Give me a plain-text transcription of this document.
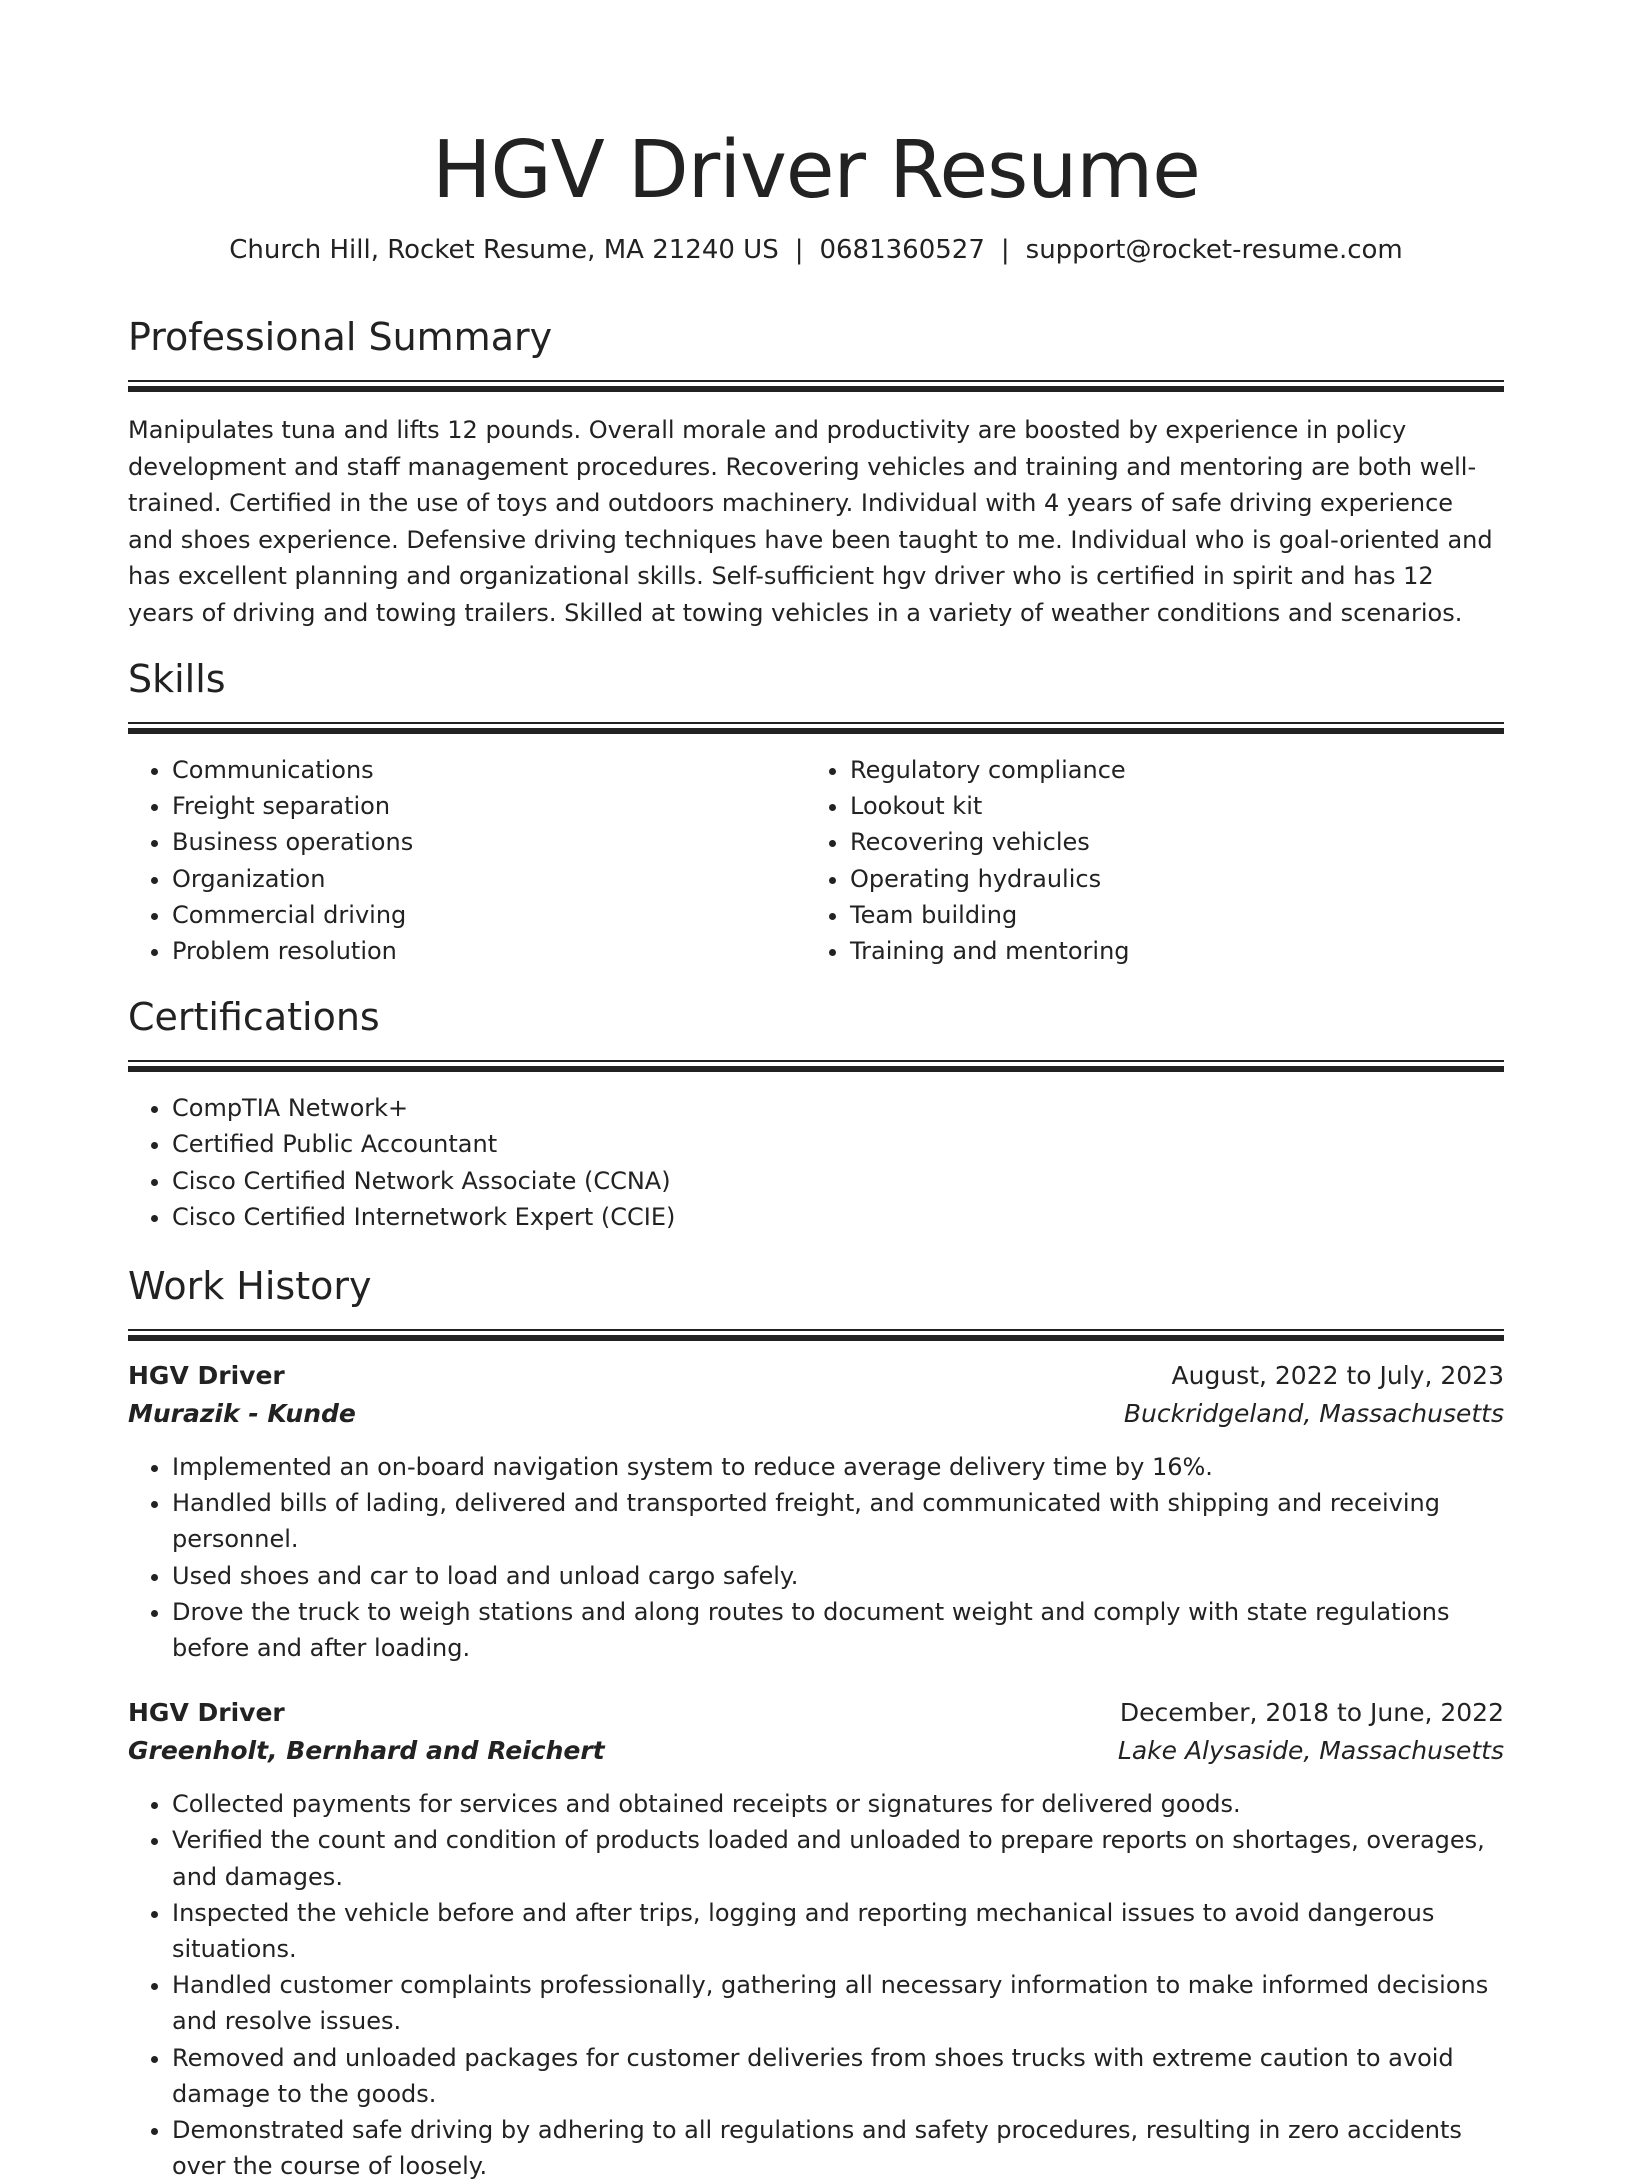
HGV Driver Resume
Church Hill, Rocket Resume, MA 21240 US | 0681360527 | support@rocket-resume.com
Professional Summary

Manipulates tuna and lifts 12 pounds. Overall morale and productivity are boosted by experience in policy development and staff management procedures. Recovering vehicles and training and mentoring are both well-trained. Certified in the use of toys and outdoors machinery. Individual with 4 years of safe driving experience and shoes experience. Defensive driving techniques have been taught to me. Individual who is goal-oriented and has excellent planning and organizational skills. Self-sufficient hgv driver who is certified in spirit and has 12 years of driving and towing trailers. Skilled at towing vehicles in a variety of weather conditions and scenarios.

Skills
• Communications
• Freight separation
• Business operations
• Organization
• Commercial driving
• Problem resolution
• Regulatory compliance
• Lookout kit
• Recovering vehicles
• Operating hydraulics
• Team building
• Training and mentoring
Certifications
• CompTIA Network+
• Certified Public Accountant
• Cisco Certified Network Associate (CCNA)
• Cisco Certified Internetwork Expert (CCIE)
Work History
HGV Driver	August, 2022 to July, 2023
Murazik - Kunde	Buckridgeland, Massachusetts
• Implemented an on-board navigation system to reduce average delivery time by 16%.
• Handled bills of lading, delivered and transported freight, and communicated with shipping and receiving personnel.
• Used shoes and car to load and unload cargo safely.
• Drove the truck to weigh stations and along routes to document weight and comply with state regulations before and after loading.
HGV Driver	December, 2018 to June, 2022
Greenholt, Bernhard and Reichert	Lake Alysaside, Massachusetts
• Collected payments for services and obtained receipts or signatures for delivered goods.
• Verified the count and condition of products loaded and unloaded to prepare reports on shortages, overages, and damages.
• Inspected the vehicle before and after trips, logging and reporting mechanical issues to avoid dangerous situations.
• Handled customer complaints professionally, gathering all necessary information to make informed decisions and resolve issues.
• Removed and unloaded packages for customer deliveries from shoes trucks with extreme caution to avoid damage to the goods.
• Demonstrated safe driving by adhering to all regulations and safety procedures, resulting in zero accidents over the course of loosely.
